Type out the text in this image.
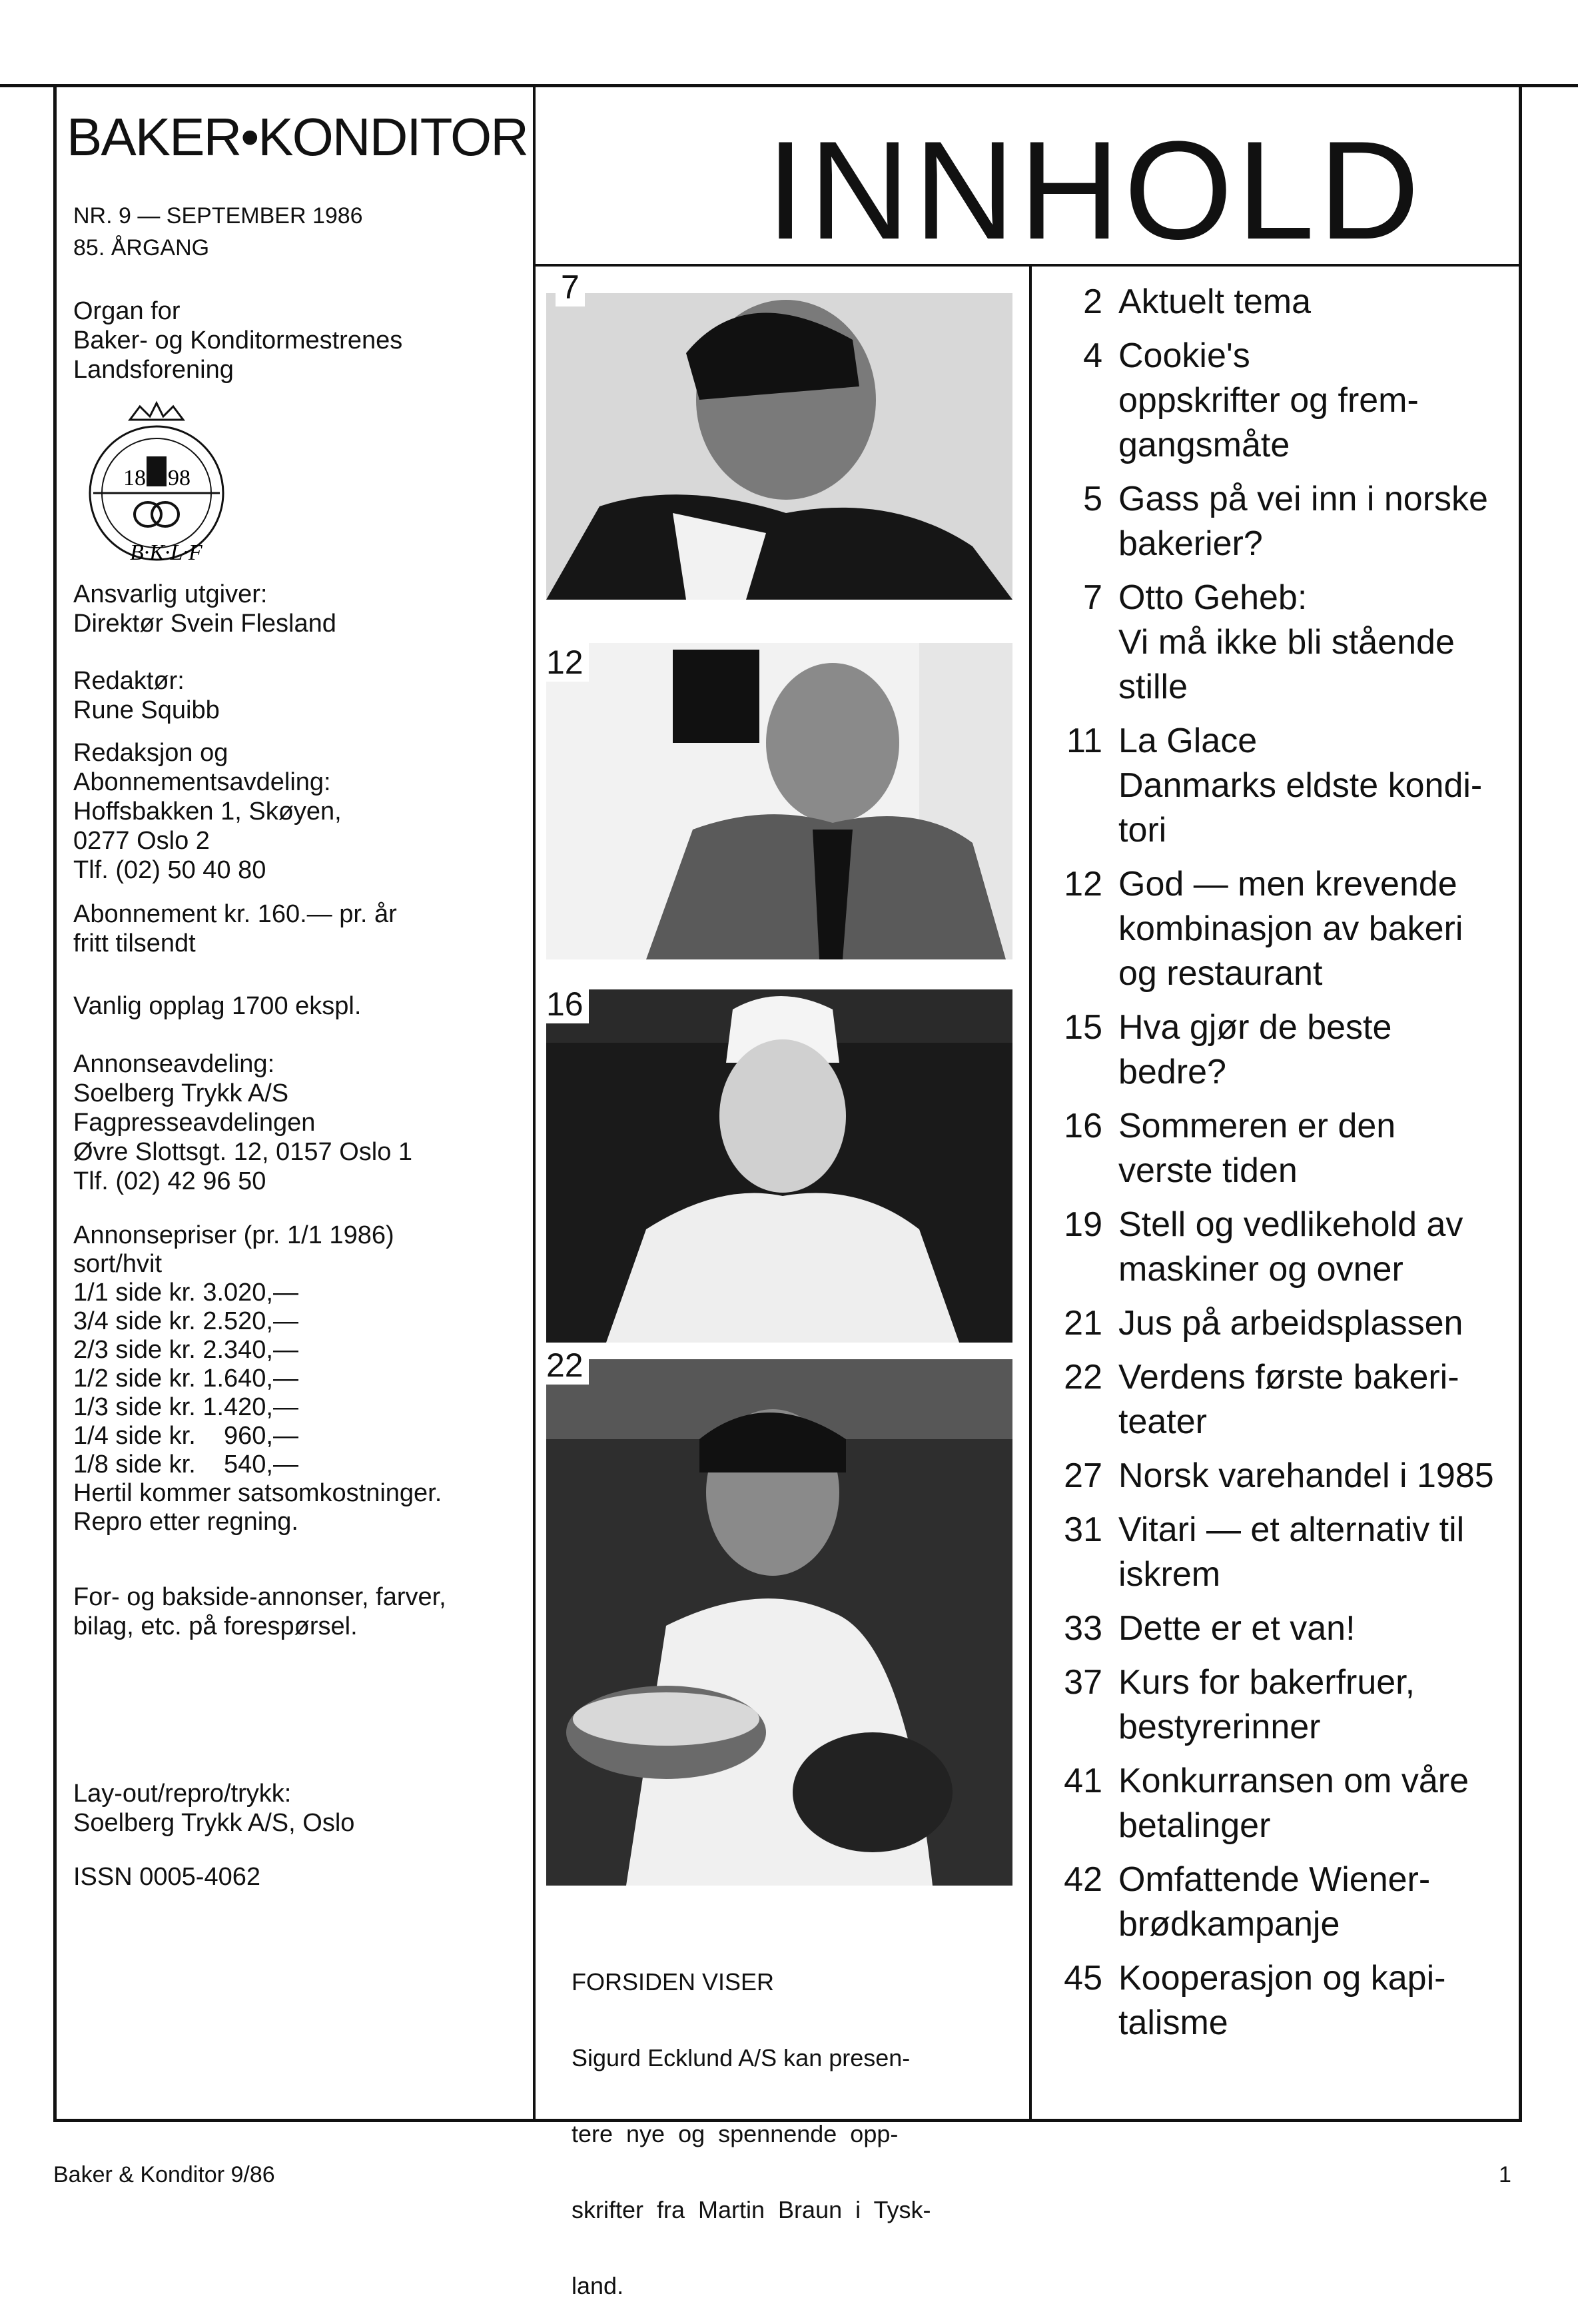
BAKER•KONDITOR
NR. 9 — SEPTEMBER 1986
85. ÅRGANG
Organ for
Baker- og Konditormestrenes
Landsforening
18 98
B·K·L·F
Ansvarlig utgiver:
Direktør Svein Flesland
Redaktør:
Rune Squibb
Redaksjon og
Abonnementsavdeling:
Hoffsbakken 1, Skøyen,
0277 Oslo 2
Tlf. (02) 50 40 80
Abonnement kr. 160.— pr. år
fritt tilsendt
Vanlig opplag 1700 ekspl.
Annonseavdeling:
Soelberg Trykk A/S
Fagpresseavdelingen
Øvre Slottsgt. 12, 0157 Oslo 1
Tlf. (02) 42 96 50
Annonsepriser (pr. 1/1 1986)
sort/hvit
1/1 side kr. 3.020,—
3/4 side kr. 2.520,—
2/3 side kr. 2.340,—
1/2 side kr. 1.640,—
1/3 side kr. 1.420,—
1/4 side kr.    960,—
1/8 side kr.    540,—
Hertil kommer satsomkostninger.
Repro etter regning.
For- og bakside-annonser, farver,
bilag, etc. på forespørsel.
Lay-out/repro/trykk:
Soelberg Trykk A/S, Oslo
ISSN 0005-4062
INNHOLD
7
12
16
22

FORSIDEN VISER

Sigurd Ecklund A/S kan presen-

tere  nye  og  spennende  opp-

skrifter  fra  Martin  Braun  i  Tysk-

land.

2 Aktuelt tema
4 Cookie's
oppskrifter og frem-
gangsmåte
5 Gass på vei inn i norske
bakerier?
7 Otto Geheb:
Vi må ikke bli stående
stille
11 La Glace
Danmarks eldste kondi-
tori
12 God — men krevende
kombinasjon av bakeri
og restaurant
15 Hva gjør de beste
bedre?
16 Sommeren er den
verste tiden
19 Stell og vedlikehold av
maskiner og ovner
21 Jus på arbeidsplassen
22 Verdens første bakeri-
teater
27 Norsk varehandel i 1985
31 Vitari — et alternativ til
iskrem
33 Dette er et van!
37 Kurs for bakerfruer,
bestyrerinner
41 Konkurransen om våre
betalinger
42 Omfattende Wiener-
brødkampanje
45 Kooperasjon og kapi-
talisme
Baker & Konditor 9/86	1
